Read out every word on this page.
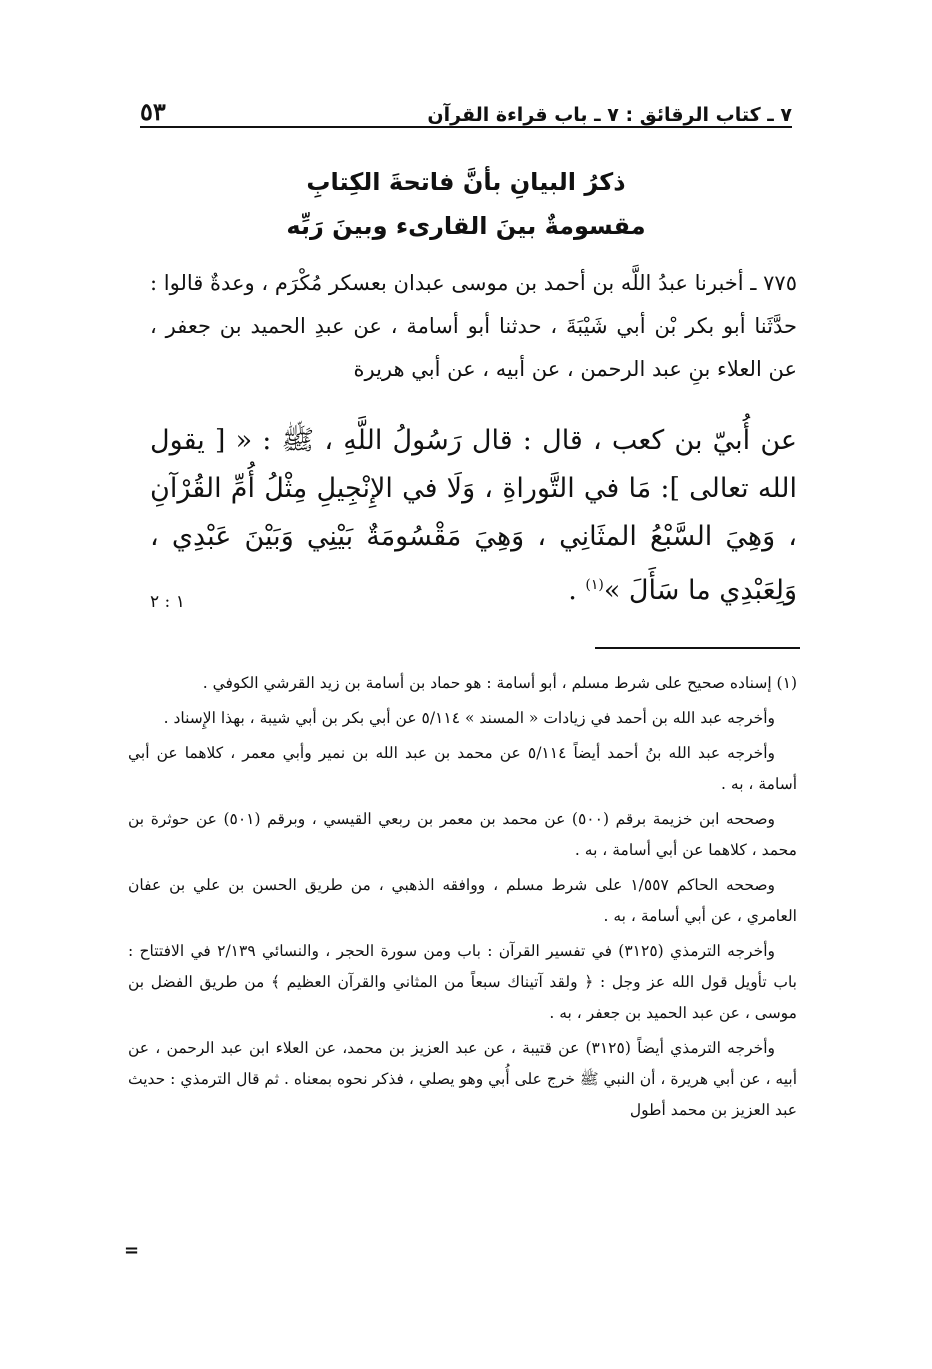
٧ ـ كتاب الرقائق : ٧ ـ باب قراءة القرآن
٥٣
ذكرُ البيانِ بأنَّ فاتحةَ الكِتابِ
مقسومةٌ بينَ القارىء وبينَ رَبِّه
٧٧٥ ـ أخبرنا عبدُ اللَّه بن أحمد بن موسى عبدان بعسكر مُكْرَم ، وعدةٌ قالوا : حدَّثَنا أبو بكر بْن أبي شَيْبَةَ ، حدثنا أبو أسامة ، عن عبدِ الحميد بن جعفر ، عن العلاء بنِ عبد الرحمن ، عن أبيه ، عن أبي هريرة
عن أُبيّ بن كعب ، قال : قال رَسُولُ اللَّهِ ، ﷺ : « [ يقول الله تعالى ]: مَا في التَّوراةِ ، وَلَا في الإِنْجِيلِ مِثْلُ أُمِّ القُرْآنِ ، وَهِيَ السَّبْعُ المثَانِي ، وَهِيَ مَقْسُومَةٌ بَيْنِي وَبَيْنَ عَبْدِي ، وَلِعَبْدِي ما سَأَلَ »$^{(١)}$ .
١ : ٢

(١) إسناده صحيح على شرط مسلم ، أبو أسامة : هو حماد بن أسامة بن زيد القرشي الكوفي .

وأخرجه عبد الله بن أحمد في زيادات « المسند » ٥/١١٤ عن أبي بكر بن أبي شيبة ، بهذا الإِسناد .

وأخرجه عبد الله بنُ أحمد أيضاً ٥/١١٤ عن محمد بن عبد الله بن نمير وأبي معمر ، كلاهما عن أبي أسامة ، به .

وصححه ابن خزيمة برقم (٥٠٠) عن محمد بن معمر بن ربعي القيسي ، وبرقم (٥٠١) عن حوثرة بن محمد ، كلاهما عن أبي أسامة ، به .

وصححه الحاكم ١/٥٥٧ على شرط مسلم ، ووافقه الذهبي ، من طريق الحسن بن علي بن عفان العامري ، عن أبي أسامة ، به .

وأخرجه الترمذي (٣١٢٥) في تفسير القرآن : باب ومن سورة الحجر ، والنسائي ٢/١٣٩ في الافتتاح : باب تأويل قول الله عز وجل : ﴿ ولقد آتيناك سبعاً من المثاني والقرآن العظيم ﴾ من طريق الفضل بن موسى ، عن عبد الحميد بن جعفر ، به .

وأخرجه الترمذي أيضاً (٣١٢٥) عن قتيبة ، عن عبد العزيز بن محمد، عن العلاء ابن عبد الرحمن ، عن أبيه ، عن أبي هريرة ، أن النبي ﷺ خرج على أُبي وهو يصلي ، فذكر نحوه بمعناه . ثم قال الترمذي : حديث عبد العزيز بن محمد أطول

=
